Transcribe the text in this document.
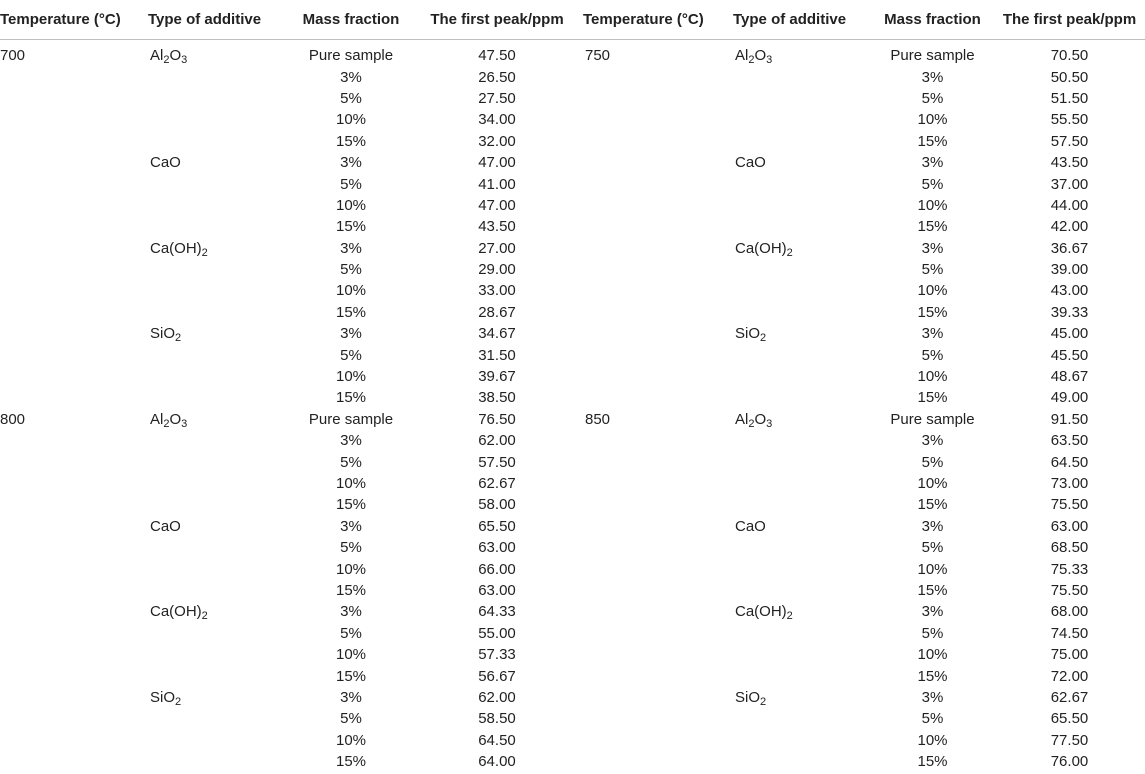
Temperature (°C)	Type of additive	Mass fraction	The first peak/ppm	Temperature (°C)	Type of additive	Mass fraction	The first peak/ppm
700	$Al_2O_3$	Pure sample	47.50	750	$Al_2O_3$	Pure sample	70.50
		3%	26.50			3%	50.50
		5%	27.50			5%	51.50
		10%	34.00			10%	55.50
		15%	32.00			15%	57.50
	CaO	3%	47.00		CaO	3%	43.50
		5%	41.00			5%	37.00
		10%	47.00			10%	44.00
		15%	43.50			15%	42.00
	$Ca(OH)_2$	3%	27.00		$Ca(OH)_2$	3%	36.67
		5%	29.00			5%	39.00
		10%	33.00			10%	43.00
		15%	28.67			15%	39.33
	SiO$_2$	3%	34.67		SiO$_2$	3%	45.00
		5%	31.50			5%	45.50
		10%	39.67			10%	48.67
		15%	38.50			15%	49.00
800	$Al_2O_3$	Pure sample	76.50	850	$Al_2O_3$	Pure sample	91.50
		3%	62.00			3%	63.50
		5%	57.50			5%	64.50
		10%	62.67			10%	73.00
		15%	58.00			15%	75.50
	CaO	3%	65.50		CaO	3%	63.00
		5%	63.00			5%	68.50
		10%	66.00			10%	75.33
		15%	63.00			15%	75.50
	$Ca(OH)_2$	3%	64.33		$Ca(OH)_2$	3%	68.00
		5%	55.00			5%	74.50
		10%	57.33			10%	75.00
		15%	56.67			15%	72.00
	SiO$_2$	3%	62.00		SiO$_2$	3%	62.67
		5%	58.50			5%	65.50
		10%	64.50			10%	77.50
		15%	64.00			15%	76.00
